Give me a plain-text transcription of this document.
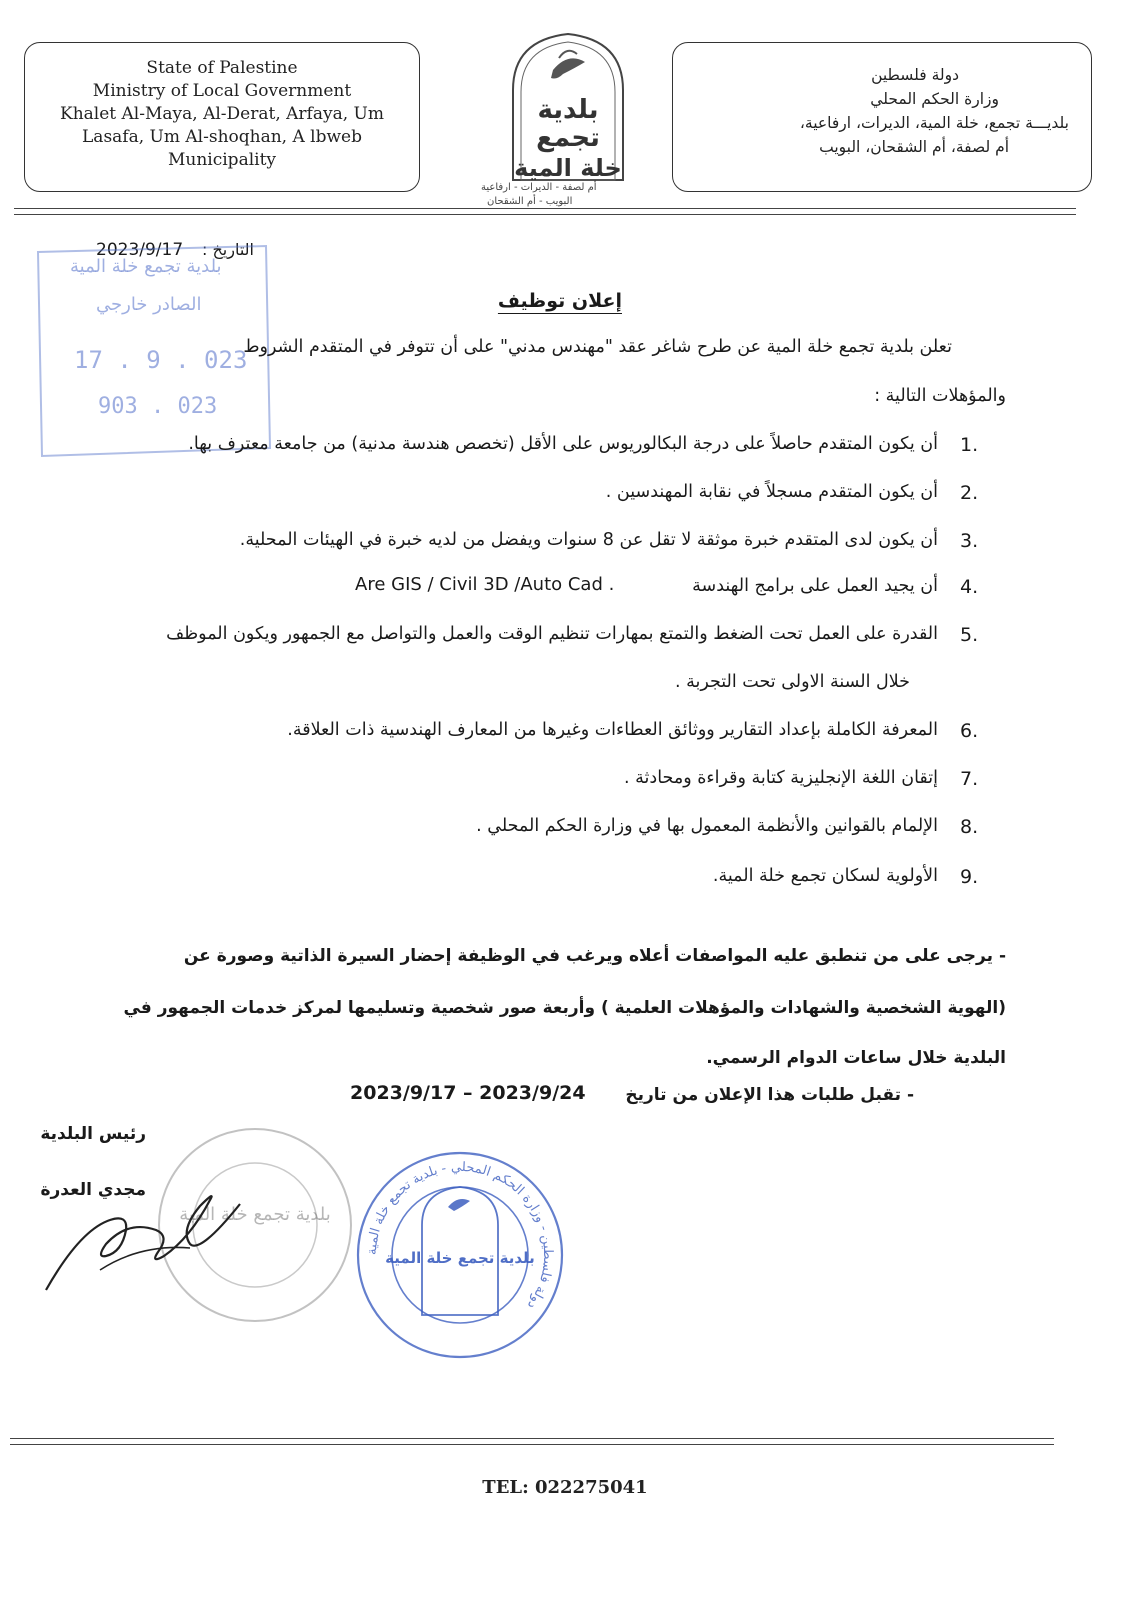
State of Palestine

Ministry of Local Government

Khalet Al-Maya, Al-Derat, Arfaya, Um

Lasafa, Um Al-shoqhan, A lbweb

Municipality

بلدية
تجمع
خلة المية
أم لصفة - الديرات - ارفاعية
البويب - أم الشقحان

دولة فلسطين

وزارة الحكم المحلي

بلديـــة تجمع، خلة المية، الديرات، ارفاعية،

أم لصفة، أم الشقحان، البويب

التاريخ :
2023/9/17
بلدية تجمع خلة المية
الصادر خارجي
17 . 9 . 023
903 . 023
إعلان توظيف
تعلن بلدية تجمع خلة المية عن طرح شاغر عقد "مهندس مدني" على أن تتوفر في المتقدم الشروط
والمؤهلات التالية :
1.
أن يكون المتقدم حاصلاً على درجة البكالوريوس على الأقل (تخصص هندسة مدنية) من جامعة معترف بها.
2.
أن يكون المتقدم مسجلاً في نقابة المهندسين .
3.
أن يكون لدى المتقدم خبرة موثقة لا تقل عن 8 سنوات ويفضل من لديه خبرة في الهيئات المحلية.
4.
أن يجيد العمل على برامج الهندسة
Are GIS / Civil 3D /Auto Cad .
5.
القدرة على العمل تحت الضغط والتمتع بمهارات تنظيم الوقت والعمل والتواصل مع الجمهور ويكون الموظف
خلال السنة الاولى تحت التجربة .
6.
المعرفة الكاملة بإعداد التقارير ووثائق العطاءات وغيرها من المعارف الهندسية ذات العلاقة.
7.
إتقان اللغة الإنجليزية كتابة وقراءة ومحادثة .
8.
الإلمام بالقوانين والأنظمة المعمول بها في وزارة الحكم المحلي .
9.
الأولوية لسكان تجمع خلة المية.
- يرجى على من تنطبق عليه المواصفات أعلاه ويرغب في الوظيفة إحضار السيرة الذاتية وصورة عن
(الهوية الشخصية والشهادات والمؤهلات العلمية ) وأربعة صور شخصية وتسليمها لمركز خدمات الجمهور في
البلدية خلال ساعات الدوام الرسمي.
- تقبل طلبات هذا الإعلان من تاريخ
2023/9/17 – 2023/9/24
بلدية تجمع خلة المية
رئيس البلدية
مجدي العدرة
دولة فلسطين - وزارة الحكم المحلي - بلدية تجمع خلة المية
بلدية تجمع خلة المية
TEL: 022275041
